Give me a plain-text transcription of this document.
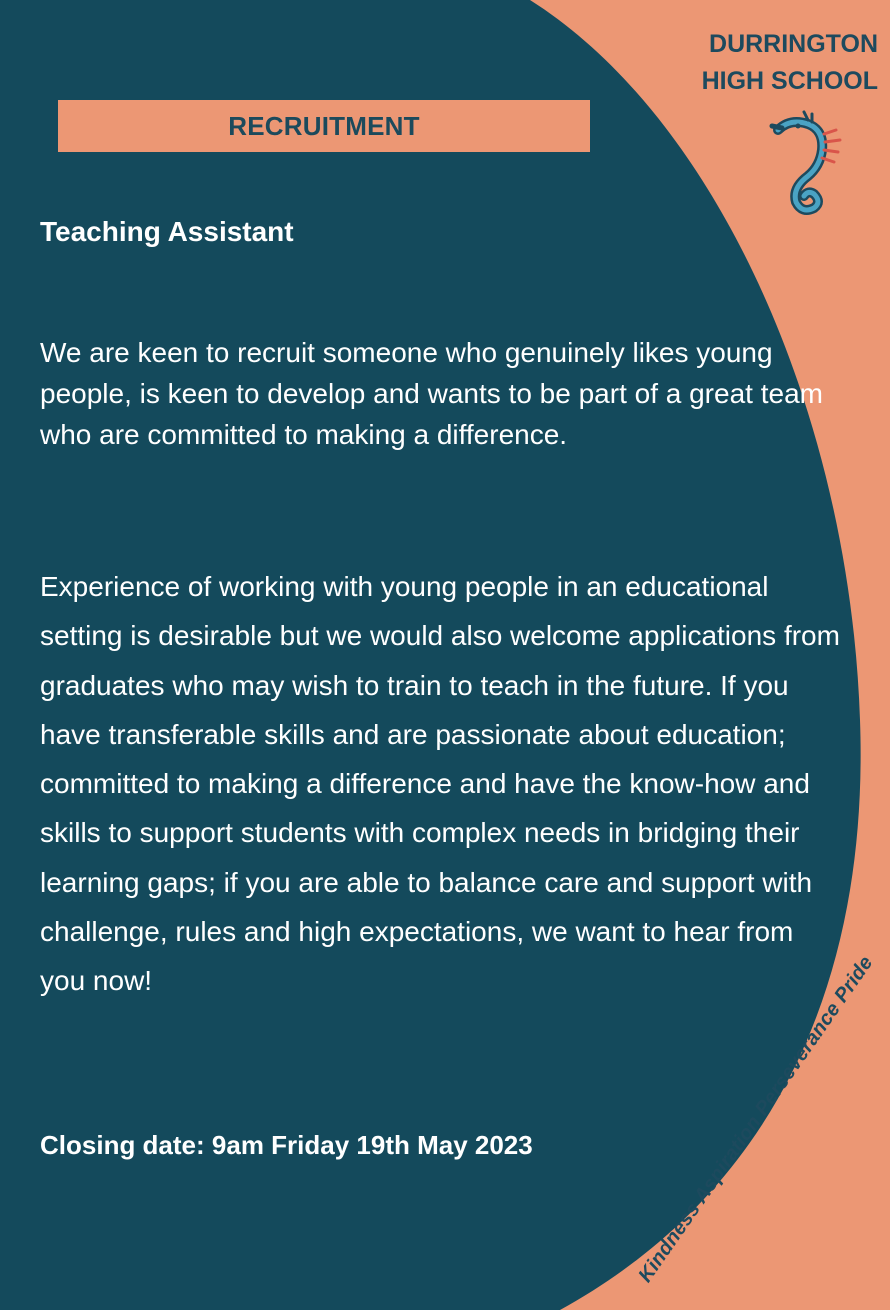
DURRINGTON
HIGH SCHOOL
RECRUITMENT
Teaching Assistant
We are keen to recruit someone who genuinely likes young people, is keen to develop and wants to be part of a great team who are committed to making a difference.
Experience of working with young people in an educational setting is desirable but we would also welcome applications from graduates who may wish to train to teach in the future. If you have transferable skills and are passionate about education; committed to making a difference and have the know-how and skills to support students with complex needs in bridging their learning gaps; if you are able to balance care and support with challenge, rules and high expectations, we want to hear from you now!
Closing date: 9am Friday 19th May 2023	Kindness Aspiration Perseverance Pride
